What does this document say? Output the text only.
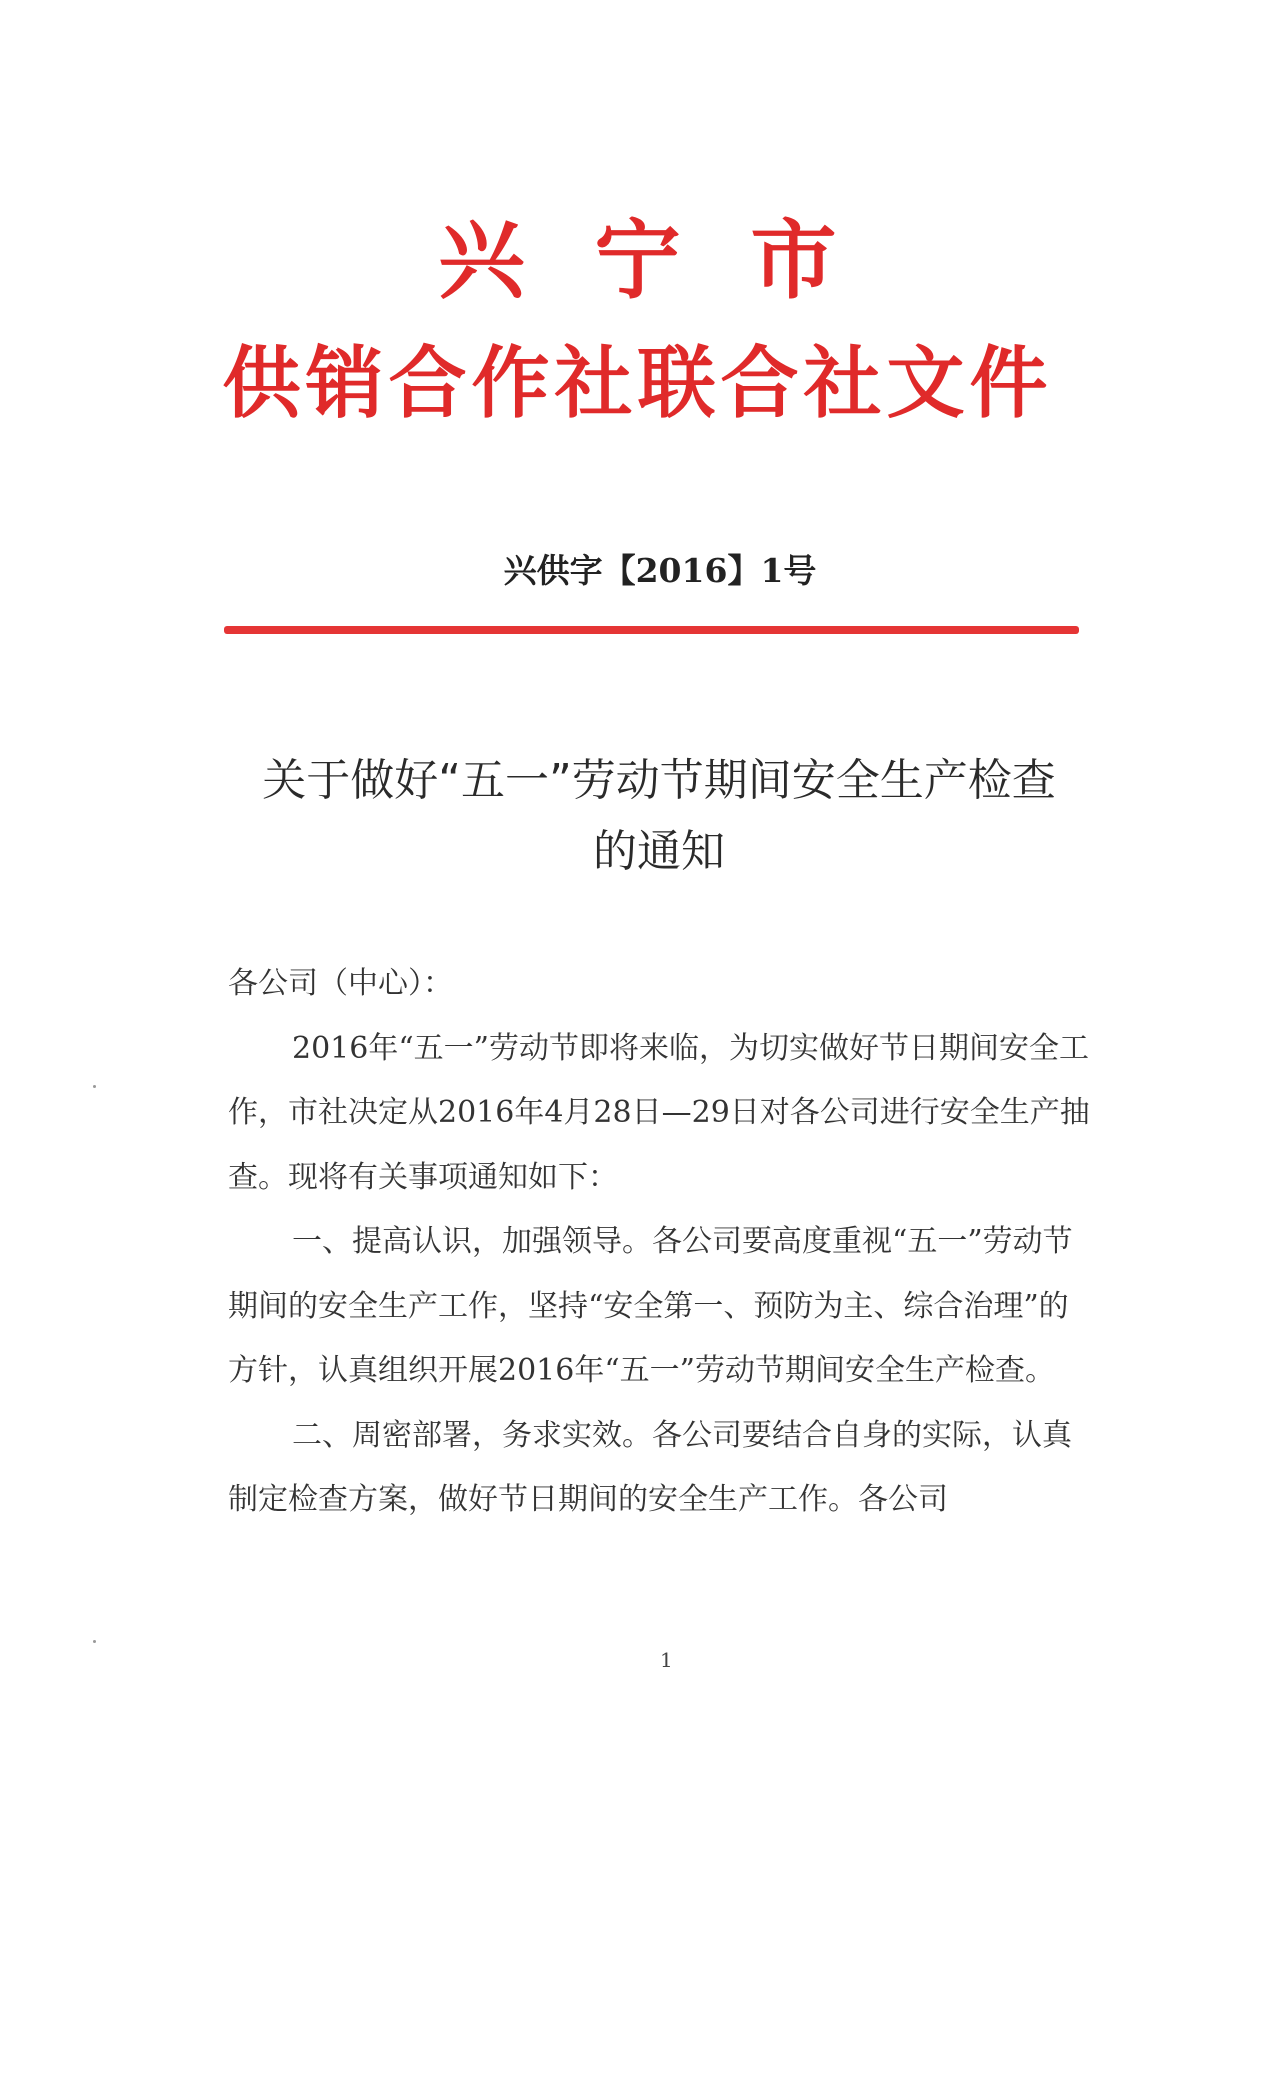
兴宁市
供销合作社联合社文件
兴供字【2016】1号
关于做好“五一”劳动节期间安全生产检查
的通知

各公司（中心）：

2016年“五一”劳动节即将来临，为切实做好节日期间安全工作，市社决定从2016年4月28日—29日对各公司进行安全生产抽查。现将有关事项通知如下：

一、提高认识，加强领导。各公司要高度重视“五一”劳动节期间的安全生产工作，坚持“安全第一、预防为主、综合治理”的方针，认真组织开展2016年“五一”劳动节期间安全生产检查。

二、周密部署，务求实效。各公司要结合自身的实际，认真制定检查方案，做好节日期间的安全生产工作。各公司

1
